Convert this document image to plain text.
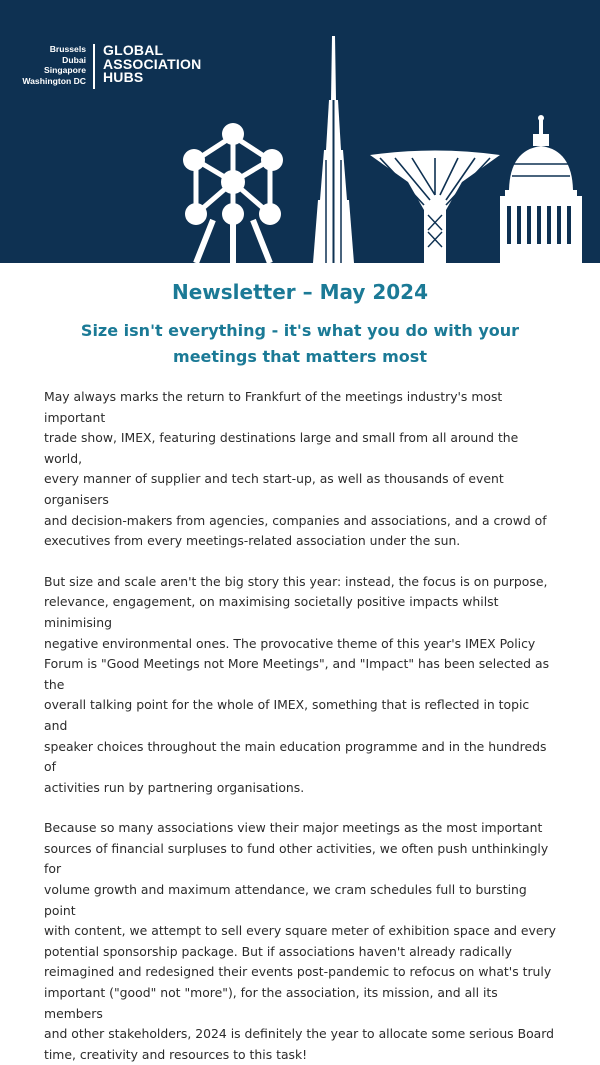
Brussels
Dubai
Singapore
Washington DC
GLOBAL
ASSOCIATION
HUBS
Newsletter – May 2024
Size isn't everything - it's what you do with your
meetings that matters most

May always marks the return to Frankfurt of the meetings industry's most important
trade show, IMEX, featuring destinations large and small from all around the world,
every manner of supplier and tech start-up, as well as thousands of event organisers
and decision-makers from agencies, companies and associations, and a crowd of
executives from every meetings-related association under the sun.

But size and scale aren't the big story this year: instead, the focus is on purpose,
relevance, engagement, on maximising societally positive impacts whilst minimising
negative environmental ones. The provocative theme of this year's IMEX Policy
Forum is "Good Meetings not More Meetings", and "Impact" has been selected as the
overall talking point for the whole of IMEX, something that is reflected in topic and
speaker choices throughout the main education programme and in the hundreds of
activities run by partnering organisations.

Because so many associations view their major meetings as the most important
sources of financial surpluses to fund other activities, we often push unthinkingly for
volume growth and maximum attendance, we cram schedules full to bursting point
with content, we attempt to sell every square meter of exhibition space and every
potential sponsorship package. But if associations haven't already radically
reimagined and redesigned their events post-pandemic to refocus on what's truly
important ("good" not "more"), for the association, its mission, and all its members
and other stakeholders, 2024 is definitely the year to allocate some serious Board
time, creativity and resources to this task!
